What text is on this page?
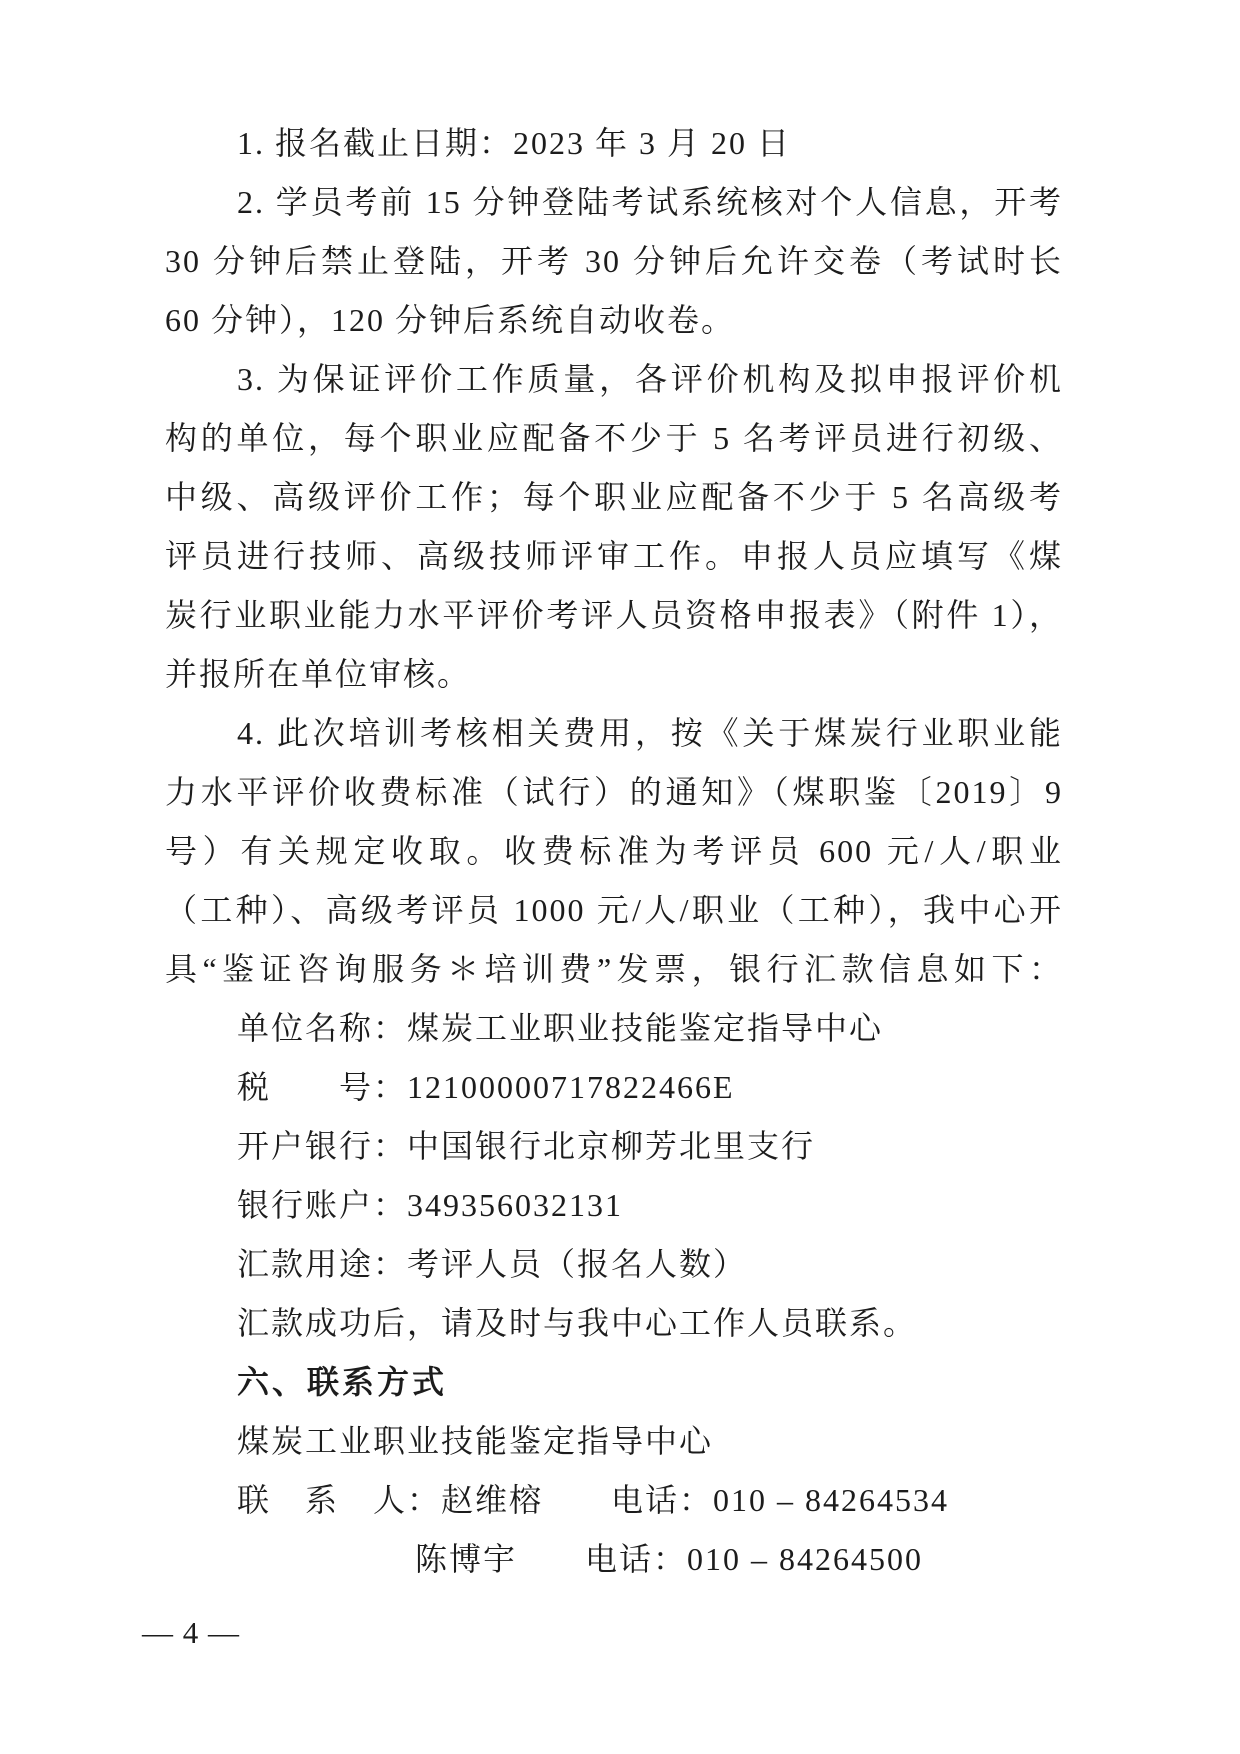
1. 报名截止日期：2023 年 3 月 20 日
2. 学员考前 15 分钟登陆考试系统核对个人信息，开考
30 分钟后禁止登陆，开考 30 分钟后允许交卷（考试时长
60 分钟），120 分钟后系统自动收卷。
3. 为保证评价工作质量，各评价机构及拟申报评价机
构的单位，每个职业应配备不少于 5 名考评员进行初级、
中级、高级评价工作；每个职业应配备不少于 5 名高级考
评员进行技师、高级技师评审工作。申报人员应填写《煤
炭行业职业能力水平评价考评人员资格申报表》（附件 1），
并报所在单位审核。
4. 此次培训考核相关费用，按《关于煤炭行业职业能
力水平评价收费标准（试行）的通知》（煤职鉴〔2019〕9
号）有关规定收取。收费标准为考评员 600 元/人/职业
（工种）、高级考评员 1000 元/人/职业（工种），我中心开
具“鉴证咨询服务＊培训费”发票，银行汇款信息如下：
单位名称：煤炭工业职业技能鉴定指导中心
税　　号：12100000717822466E
开户银行：中国银行北京柳芳北里支行
银行账户：349356032131
汇款用途：考评人员（报名人数）
汇款成功后，请及时与我中心工作人员联系。
六、联系方式
煤炭工业职业技能鉴定指导中心
联　系　人：赵维榕　　电话：010 – 84264534
陈博宇　　电话：010 – 84264500
— 4 —
